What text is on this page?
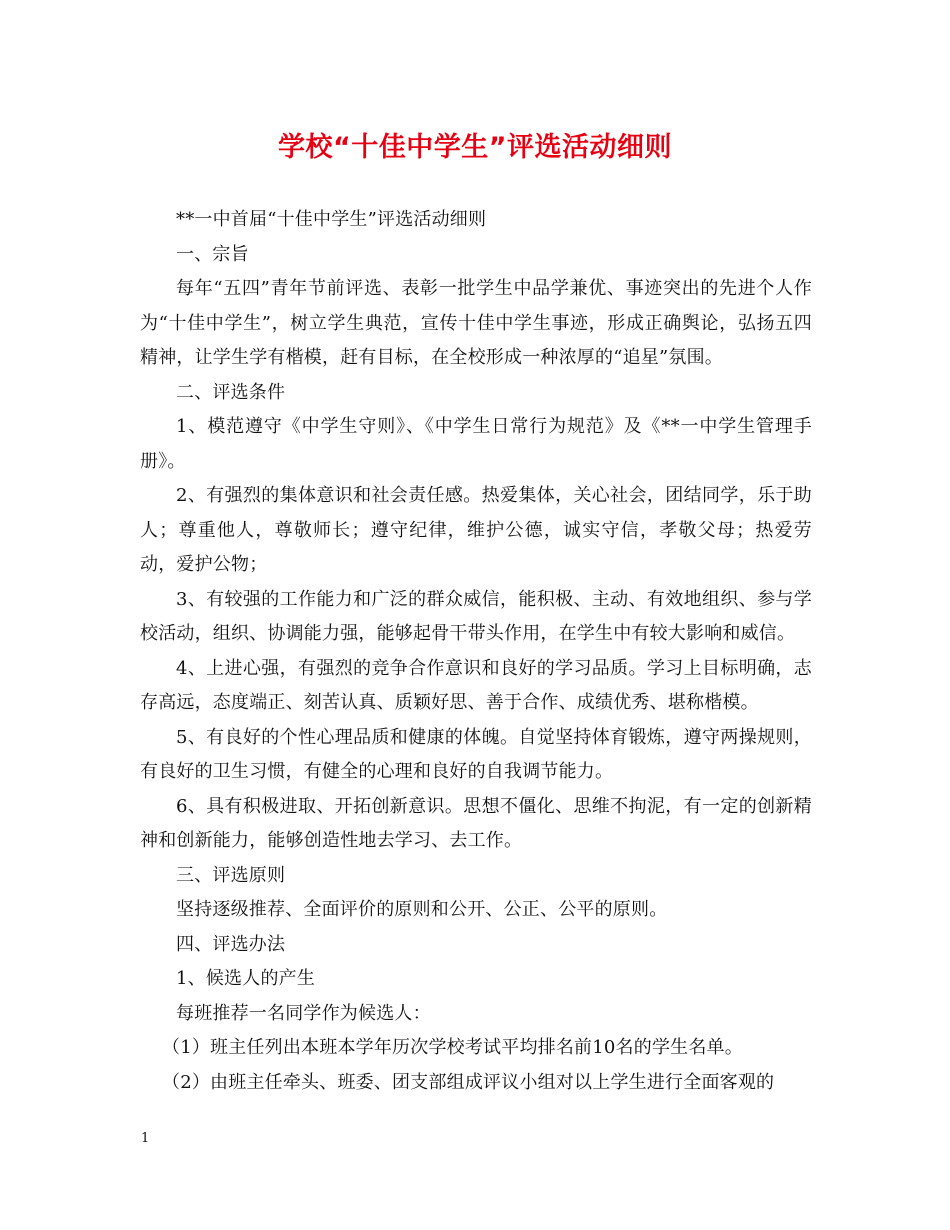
学校“十佳中学生”评选活动细则

**一中首届“十佳中学生”评选活动细则

一、宗旨

每年“五四”青年节前评选、表彰一批学生中品学兼优、事迹突出的先进个人作为“十佳中学生”，树立学生典范，宣传十佳中学生事迹，形成正确舆论，弘扬五四精神，让学生学有楷模，赶有目标，在全校形成一种浓厚的“追星”氛围。

二、评选条件

1、模范遵守《中学生守则》、《中学生日常行为规范》及《**一中学生管理手册》。

2、有强烈的集体意识和社会责任感。热爱集体，关心社会，团结同学，乐于助人；尊重他人，尊敬师长；遵守纪律，维护公德，诚实守信，孝敬父母；热爱劳动，爱护公物；

3、有较强的工作能力和广泛的群众威信，能积极、主动、有效地组织、参与学校活动，组织、协调能力强，能够起骨干带头作用，在学生中有较大影响和威信。

4、上进心强，有强烈的竞争合作意识和良好的学习品质。学习上目标明确，志存高远，态度端正、刻苦认真、质颖好思、善于合作、成绩优秀、堪称楷模。

5、有良好的个性心理品质和健康的体魄。自觉坚持体育锻炼，遵守两操规则，有良好的卫生习惯，有健全的心理和良好的自我调节能力。

6、具有积极进取、开拓创新意识。思想不僵化、思维不拘泥，有一定的创新精神和创新能力，能够创造性地去学习、去工作。

三、评选原则

坚持逐级推荐、全面评价的原则和公开、公正、公平的原则。

四、评选办法

1、候选人的产生

每班推荐一名同学作为候选人：

（1）班主任列出本班本学年历次学校考试平均排名前10名的学生名单。

（2）由班主任牵头、班委、团支部组成评议小组对以上学生进行全面客观的

1
